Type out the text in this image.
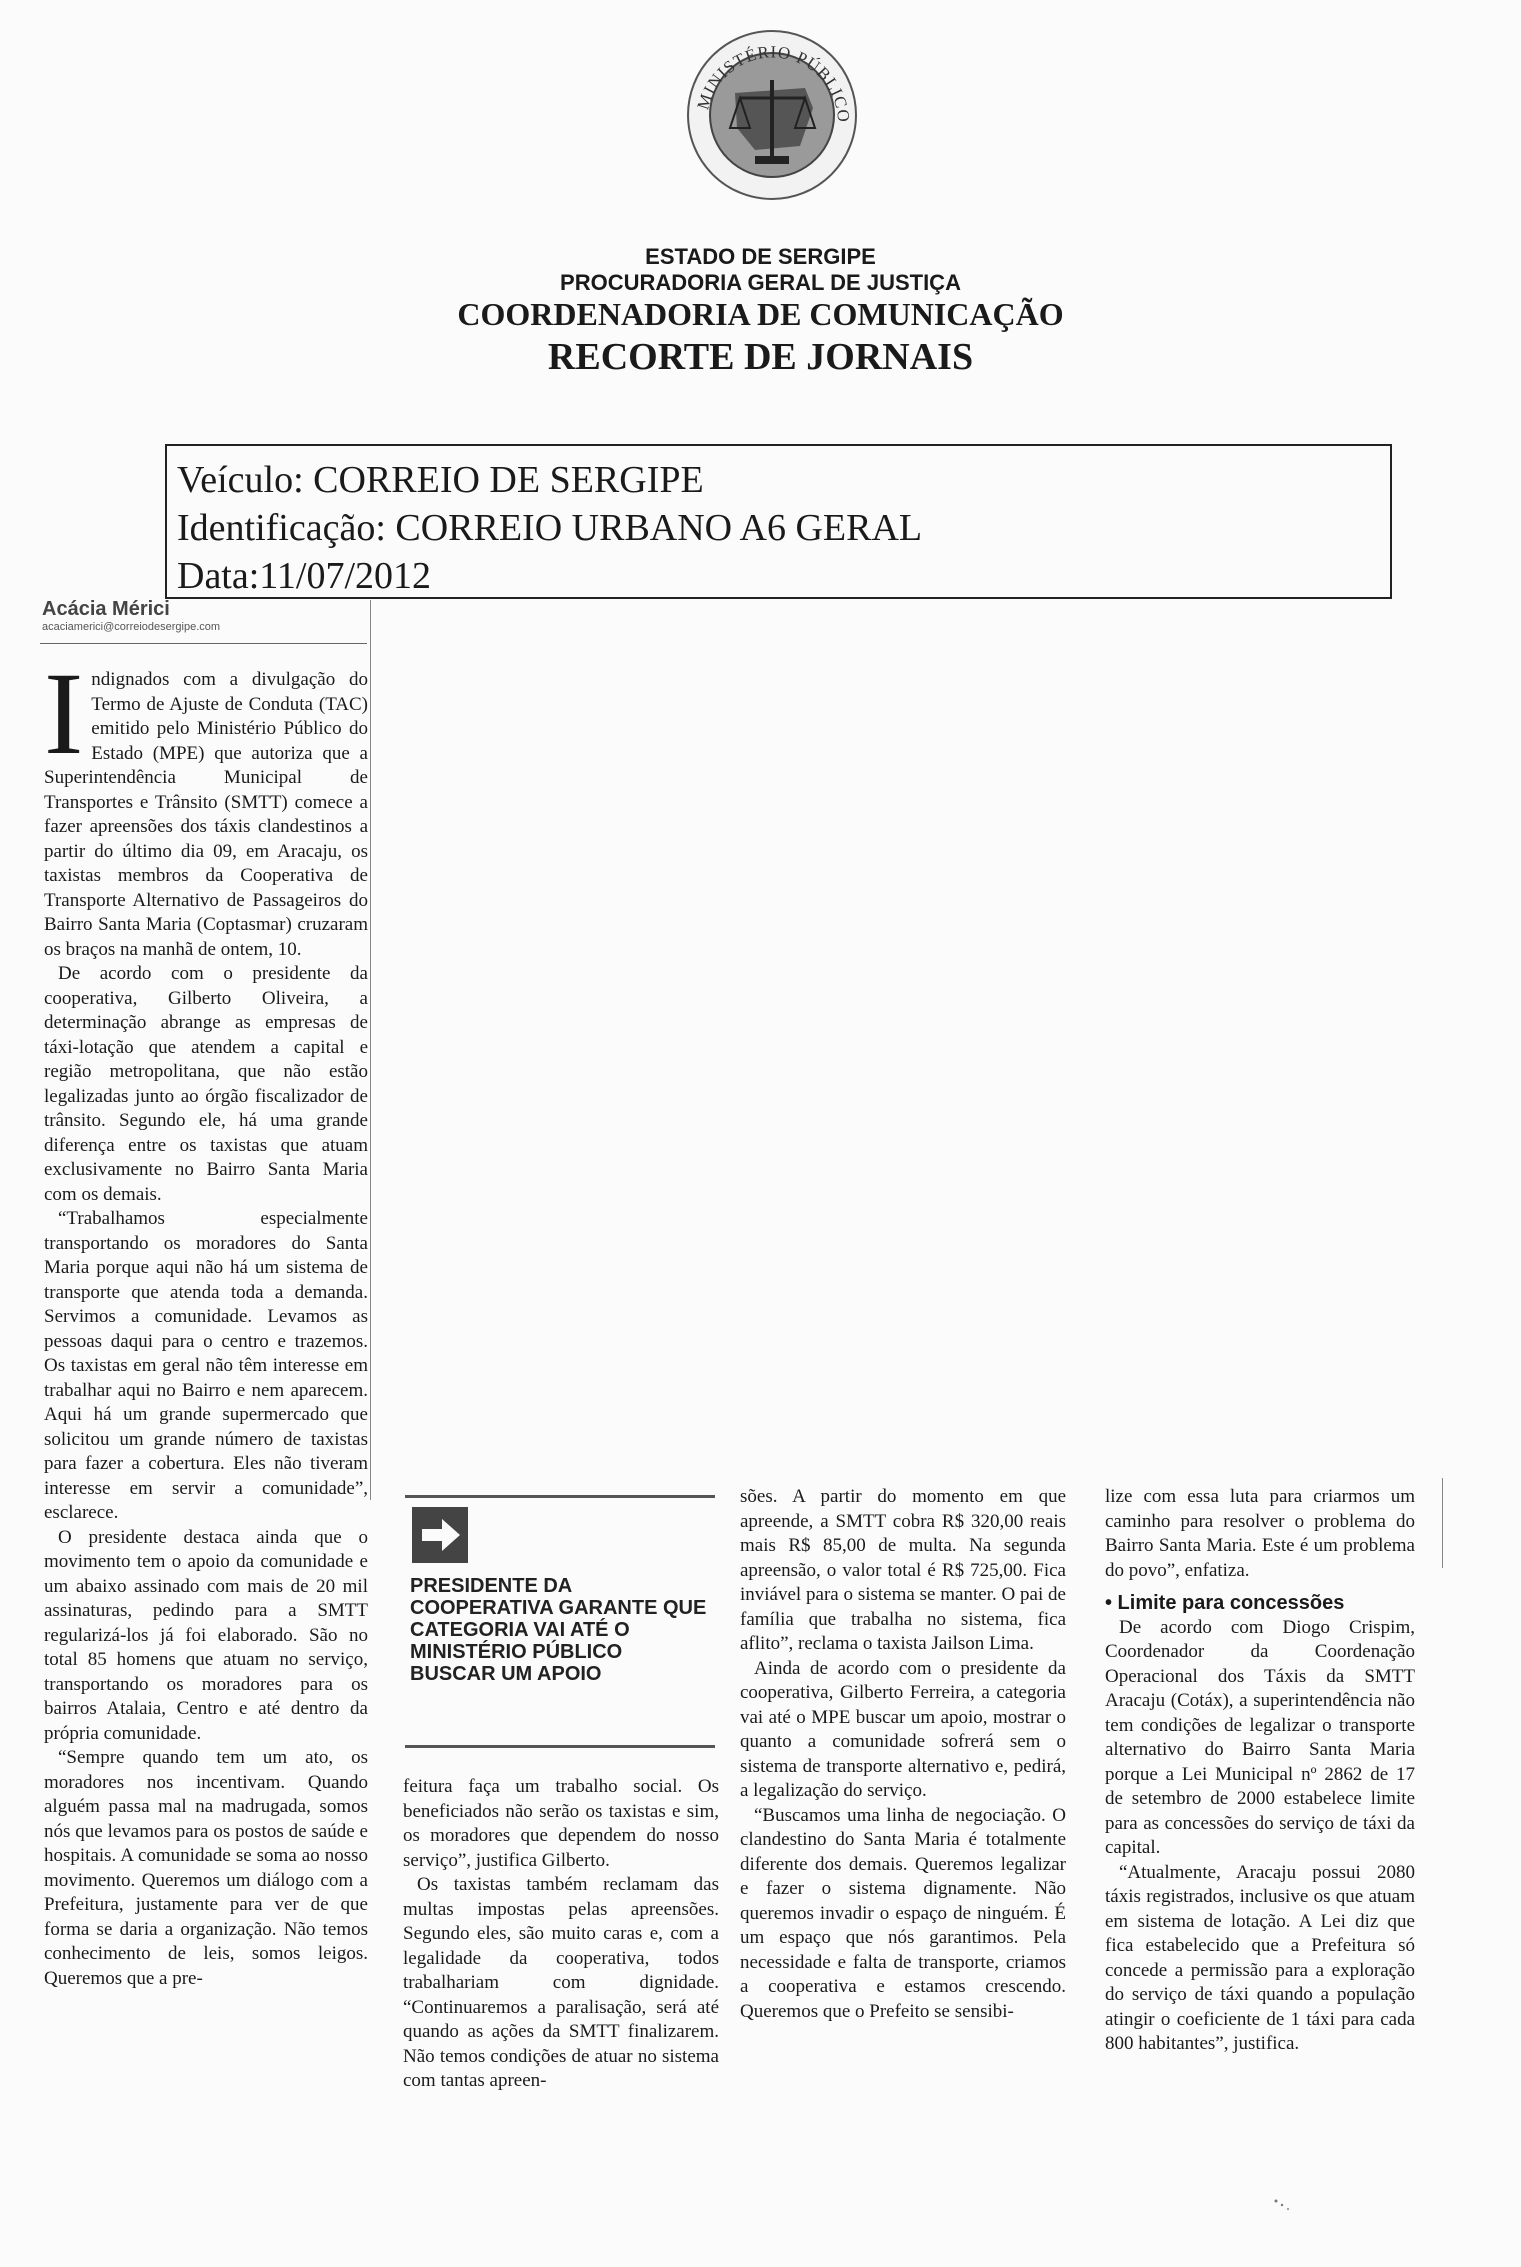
MINISTÉRIO PÚBLICO
ESTADO DE SERGIPE
PROCURADORIA GERAL DE JUSTIÇA
COORDENADORIA DE COMUNICAÇÃO
RECORTE DE JORNAIS
Veículo: CORREIO DE SERGIPE
Identificação: CORREIO URBANO A6 GERAL
Data:11/07/2012
Acácia Mérici
acaciamerici@correiodesergipe.com

Indignados com a divulgação do Termo de Ajuste de Conduta (TAC) emitido pelo Ministério Público do Estado (MPE) que autoriza que a Superintendência Municipal de Transportes e Trânsito (SMTT) comece a fazer apreensões dos táxis clandestinos a partir do último dia 09, em Aracaju, os taxistas membros da Cooperativa de Transporte Alternativo de Passageiros do Bairro Santa Maria (Coptasmar) cruzaram os braços na manhã de ontem, 10.

De acordo com o presidente da cooperativa, Gilberto Oliveira, a determinação abrange as empresas de táxi-lotação que atendem a capital e região metropolitana, que não estão legalizadas junto ao órgão fiscalizador de trânsito. Segundo ele, há uma grande diferença entre os taxistas que atuam exclusivamente no Bairro Santa Maria com os demais.

“Trabalhamos especialmente transportando os moradores do Santa Maria porque aqui não há um sistema de transporte que atenda toda a demanda. Servimos a comunidade. Levamos as pessoas daqui para o centro e trazemos. Os taxistas em geral não têm interesse em trabalhar aqui no Bairro e nem aparecem. Aqui há um grande supermercado que solicitou um grande número de taxistas para fazer a cobertura. Eles não tiveram interesse em servir a comunidade”, esclarece.

O presidente destaca ainda que o movimento tem o apoio da comunidade e um abaixo assinado com mais de 20 mil assinaturas, pedindo para a SMTT regularizá-los já foi elaborado. São no total 85 homens que atuam no serviço, transportando os moradores para os bairros Atalaia, Centro e até dentro da própria comunidade.

“Sempre quando tem um ato, os moradores nos incentivam. Quando alguém passa mal na madrugada, somos nós que levamos para os postos de saúde e hospitais. A comunidade se soma ao nosso movimento. Queremos um diálogo com a Prefeitura, justamente para ver de que forma se daria a organização. Não temos conhecimento de leis, somos leigos. Queremos que a pre-

PRESIDENTE DA COOPERATIVA GARANTE QUE CATEGORIA VAI ATÉ O MINISTÉRIO PÚBLICO BUSCAR UM APOIO

feitura faça um trabalho social. Os beneficiados não serão os taxistas e sim, os moradores que dependem do nosso serviço”, justifica Gilberto.

Os taxistas também reclamam das multas impostas pelas apreensões. Segundo eles, são muito caras e, com a legalidade da cooperativa, todos trabalhariam com dignidade. “Continuaremos a paralisação, será até quando as ações da SMTT finalizarem. Não temos condições de atuar no sistema com tantas apreen-

sões. A partir do momento em que apreende, a SMTT cobra R$ 320,00 reais mais R$ 85,00 de multa. Na segunda apreensão, o valor total é R$ 725,00. Fica inviável para o sistema se manter. O pai de família que trabalha no sistema, fica aflito”, reclama o taxista Jailson Lima.

Ainda de acordo com o presidente da cooperativa, Gilberto Ferreira, a categoria vai até o MPE buscar um apoio, mostrar o quanto a comunidade sofrerá sem o sistema de transporte alternativo e, pedirá, a legalização do serviço.

“Buscamos uma linha de negociação. O clandestino do Santa Maria é totalmente diferente dos demais. Queremos legalizar e fazer o sistema dignamente. Não queremos invadir o espaço de ninguém. É um espaço que nós garantimos. Pela necessidade e falta de transporte, criamos a cooperativa e estamos crescendo. Queremos que o Prefeito se sensibi-

lize com essa luta para criarmos um caminho para resolver o problema do Bairro Santa Maria. Este é um problema do povo”, enfatiza.

• Limite para concessões

De acordo com Diogo Crispim, Coordenador da Coordenação Operacional dos Táxis da SMTT Aracaju (Cotáx), a superintendência não tem condições de legalizar o transporte alternativo do Bairro Santa Maria porque a Lei Municipal nº 2862 de 17 de setembro de 2000 estabelece limite para as concessões do serviço de táxi da capital.

“Atualmente, Aracaju possui 2080 táxis registrados, inclusive os que atuam em sistema de lotação. A Lei diz que fica estabelecido que a Prefeitura só concede a permissão para a exploração do serviço de táxi quando a população atingir o coeficiente de 1 táxi para cada 800 habitantes”, justifica.
